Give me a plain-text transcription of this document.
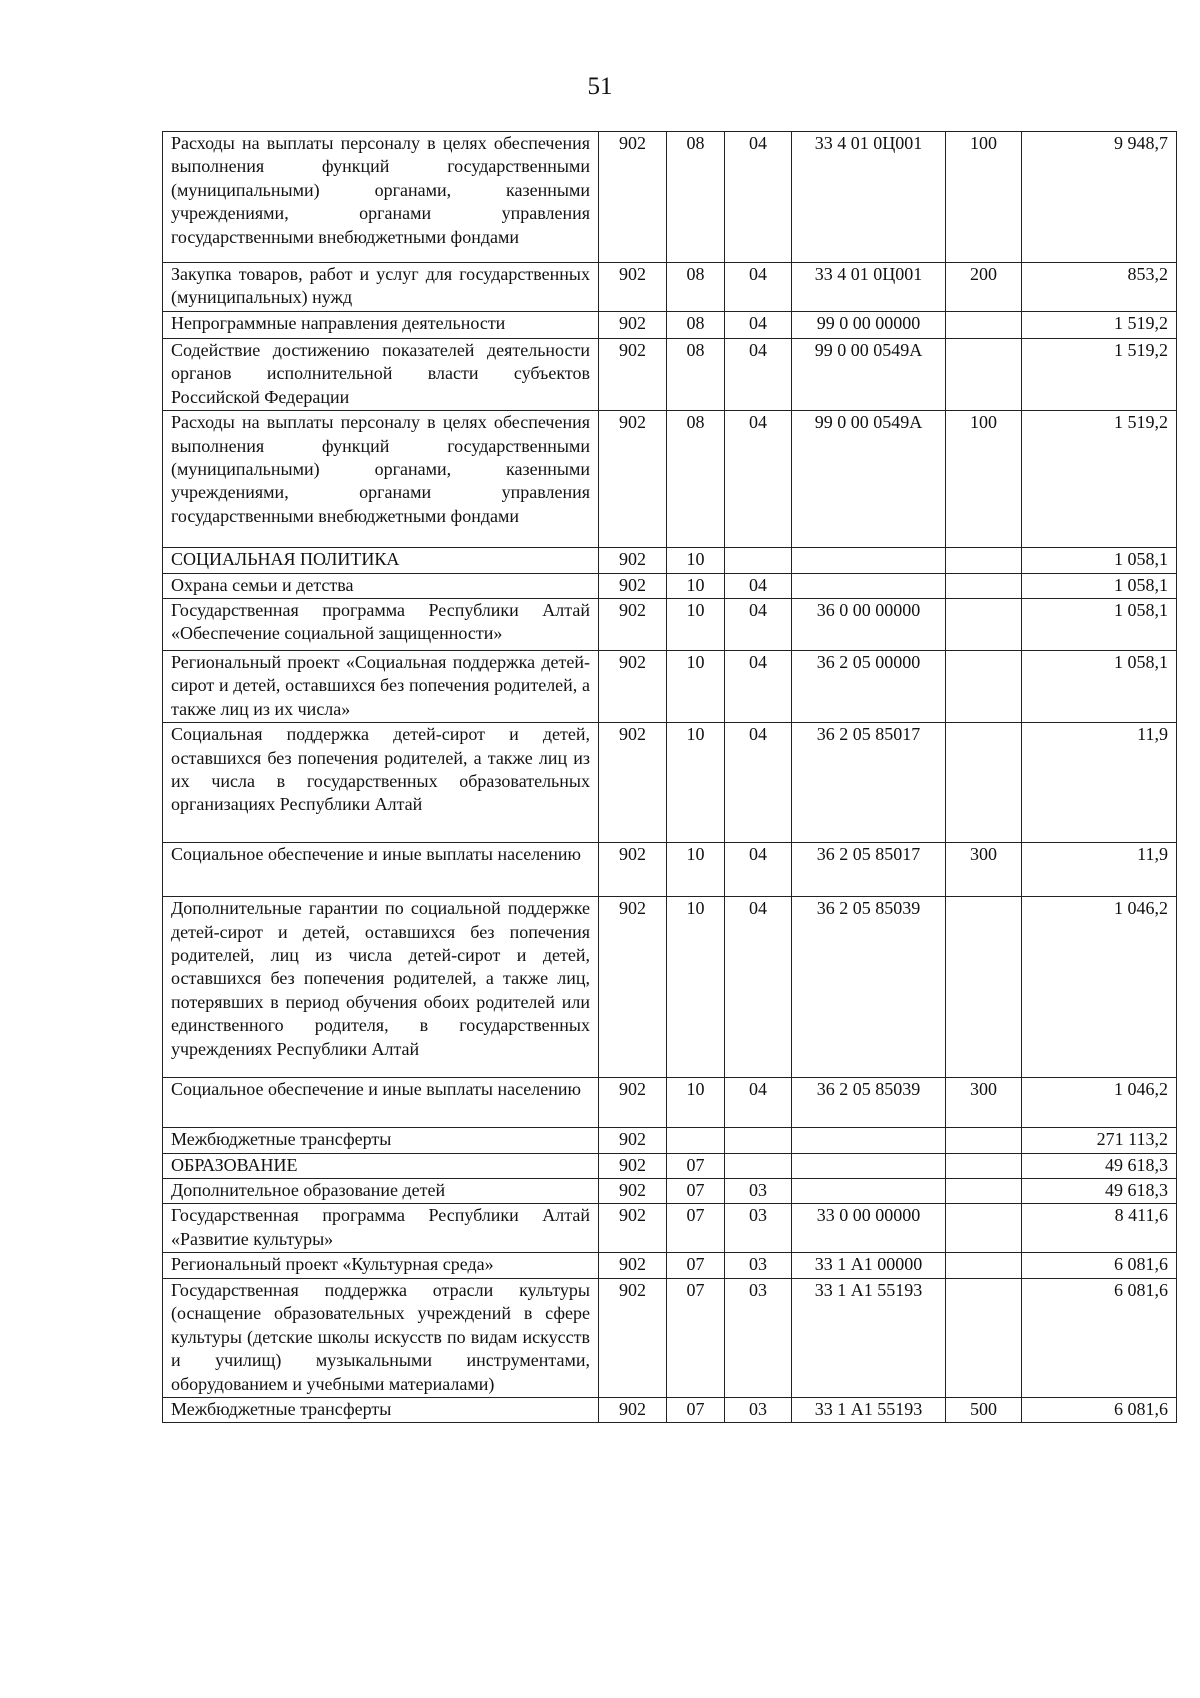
51
Расходы на выплаты персоналу в целях обеспечения выполнения функций государственными (муниципальными) органами, казенными учреждениями, органами управления государственными внебюджетными фондами	902	08	04	33 4 01 0Ц001	100	9 948,7
Закупка товаров, работ и услуг для государственных (муниципальных) нужд	902	08	04	33 4 01 0Ц001	200	853,2
Непрограммные направления деятельности	902	08	04	99 0 00 00000		1 519,2
Содействие достижению показателей деятельности органов исполнительной власти субъектов Российской Федерации	902	08	04	99 0 00 0549А		1 519,2
Расходы на выплаты персоналу в целях обеспечения выполнения функций государственными (муниципальными) органами, казенными учреждениями, органами управления государственными внебюджетными фондами	902	08	04	99 0 00 0549А	100	1 519,2
СОЦИАЛЬНАЯ ПОЛИТИКА	902	10				1 058,1
Охрана семьи и детства	902	10	04			1 058,1
Государственная программа Республики Алтай «Обеспечение социальной защищенности»	902	10	04	36 0 00 00000		1 058,1
Региональный проект «Социальная поддержка детей-сирот и детей, оставшихся без попечения родителей, а также лиц из их числа»	902	10	04	36 2 05 00000		1 058,1
Социальная поддержка детей-сирот и детей, оставшихся без попечения родителей, а также лиц из их числа в государственных образовательных организациях Республики Алтай	902	10	04	36 2 05 85017		11,9
Социальное обеспечение и иные выплаты населению	902	10	04	36 2 05 85017	300	11,9
Дополнительные гарантии по социальной поддержке детей-сирот и детей, оставшихся без попечения родителей, лиц из числа детей-сирот и детей, оставшихся без попечения родителей, а также лиц, потерявших в период обучения обоих родителей или единственного родителя, в государственных учреждениях Республики Алтай	902	10	04	36 2 05 85039		1 046,2
Социальное обеспечение и иные выплаты населению	902	10	04	36 2 05 85039	300	1 046,2
Межбюджетные трансферты	902					271 113,2
ОБРАЗОВАНИЕ	902	07				49 618,3
Дополнительное образование детей	902	07	03			49 618,3
Государственная программа Республики Алтай «Развитие культуры»	902	07	03	33 0 00 00000		8 411,6
Региональный проект «Культурная среда»	902	07	03	33 1 А1 00000		6 081,6
Государственная поддержка отрасли культуры (оснащение образовательных учреждений в сфере культуры (детские школы искусств по видам искусств и училищ) музыкальными инструментами, оборудованием и учебными материалами)	902	07	03	33 1 А1 55193		6 081,6
Межбюджетные трансферты	902	07	03	33 1 А1 55193	500	6 081,6
